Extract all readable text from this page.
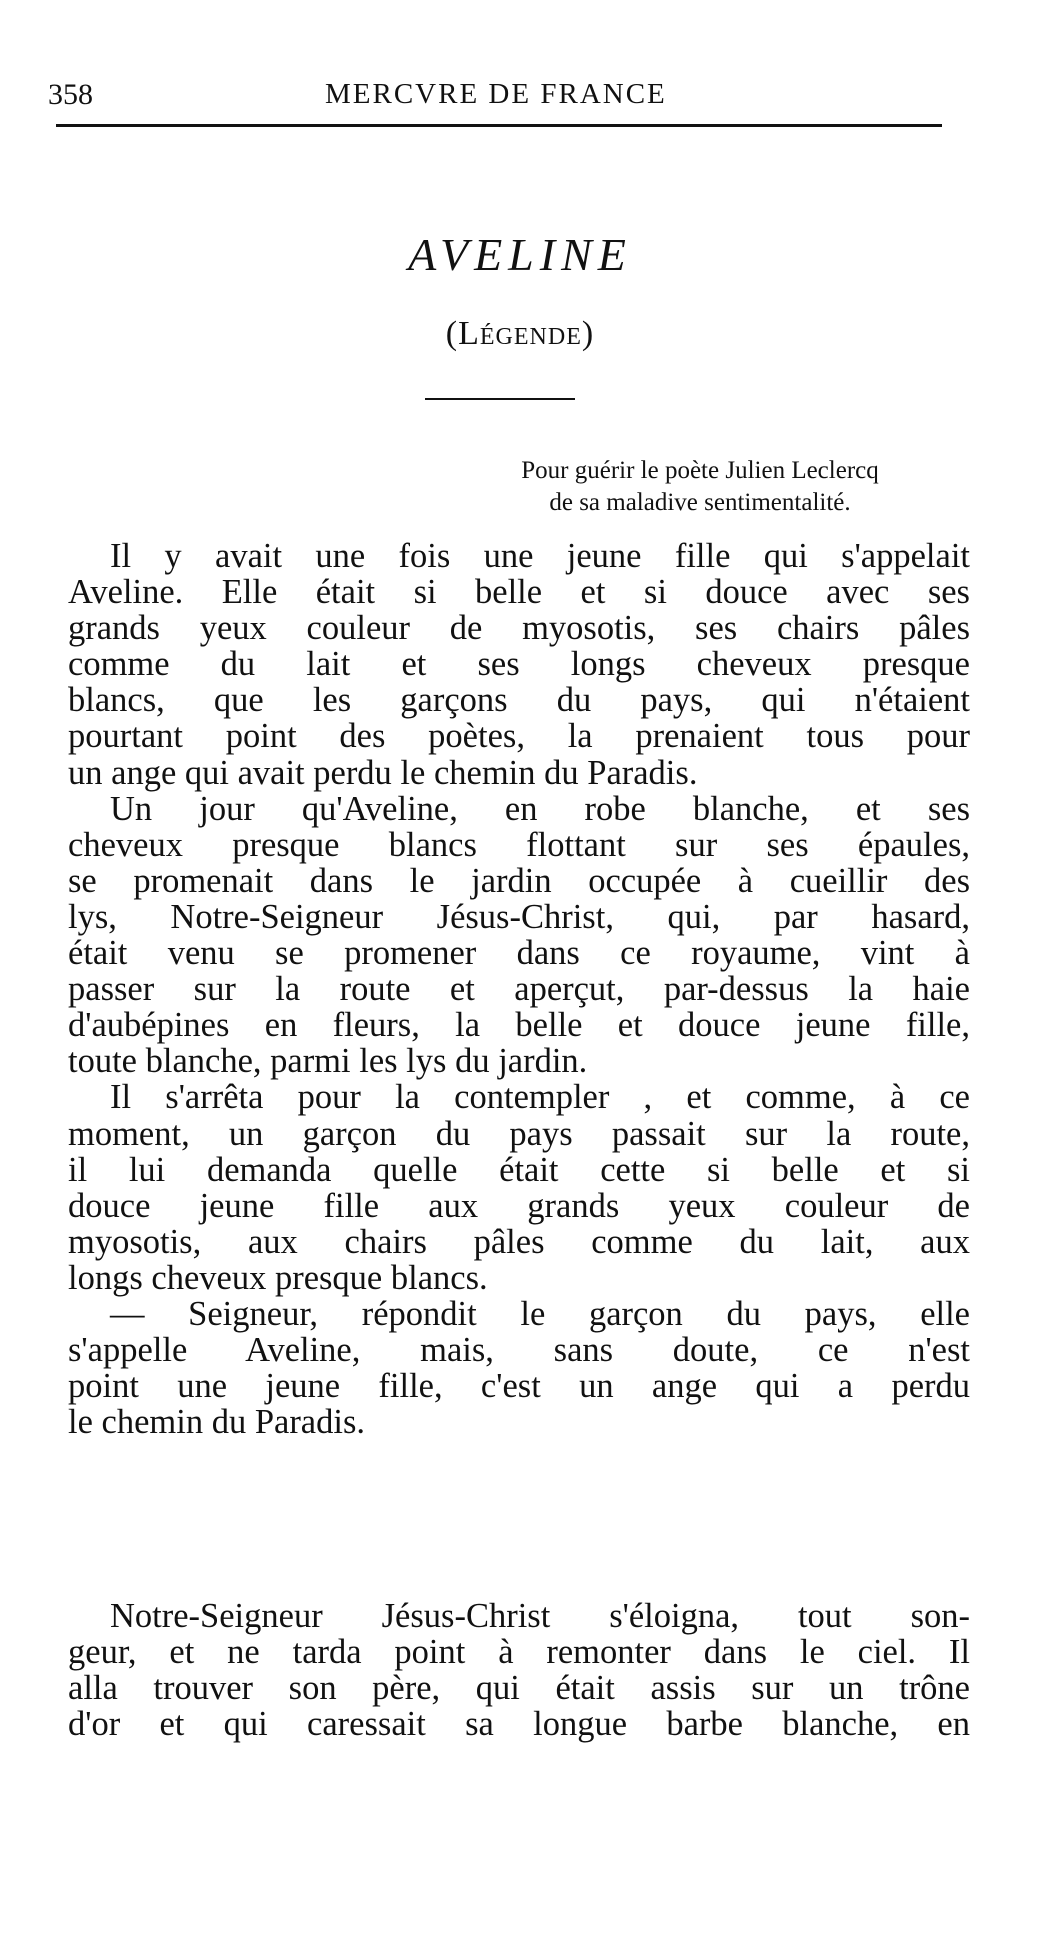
358	MERCVRE DE FRANCE
AVELINE
(Légende)
Pour guérir le poète Julien Leclercq
de sa maladive sentimentalité.
Il y avait une fois une jeune fille qui s'appelait
Aveline. Elle était si belle et si douce avec ses
grands yeux couleur de myosotis, ses chairs pâles
comme du lait et ses longs cheveux presque
blancs, que les garçons du pays, qui n'étaient
pourtant point des poètes, la prenaient tous pour
un ange qui avait perdu le chemin du Paradis.
Un jour qu'Aveline, en robe blanche, et ses
cheveux presque blancs flottant sur ses épaules,
se promenait dans le jardin occupée à cueillir des
lys, Notre-Seigneur Jésus-Christ, qui, par hasard,
était venu se promener dans ce royaume, vint à
passer sur la route et aperçut, par-dessus la haie
d'aubépines en fleurs, la belle et douce jeune fille,
toute blanche, parmi les lys du jardin.
Il s'arrêta pour la contempler , et comme, à ce
moment, un garçon du pays passait sur la route,
il lui demanda quelle était cette si belle et si
douce jeune fille aux grands yeux couleur de
myosotis, aux chairs pâles comme du lait, aux
longs cheveux presque blancs.
— Seigneur, répondit le garçon du pays, elle
s'appelle Aveline, mais, sans doute, ce n'est
point une jeune fille, c'est un ange qui a perdu
le chemin du Paradis.
Notre-Seigneur Jésus-Christ s'éloigna, tout son-
geur, et ne tarda point à remonter dans le ciel. Il
alla trouver son père, qui était assis sur un trône
d'or et qui caressait sa longue barbe blanche, en
